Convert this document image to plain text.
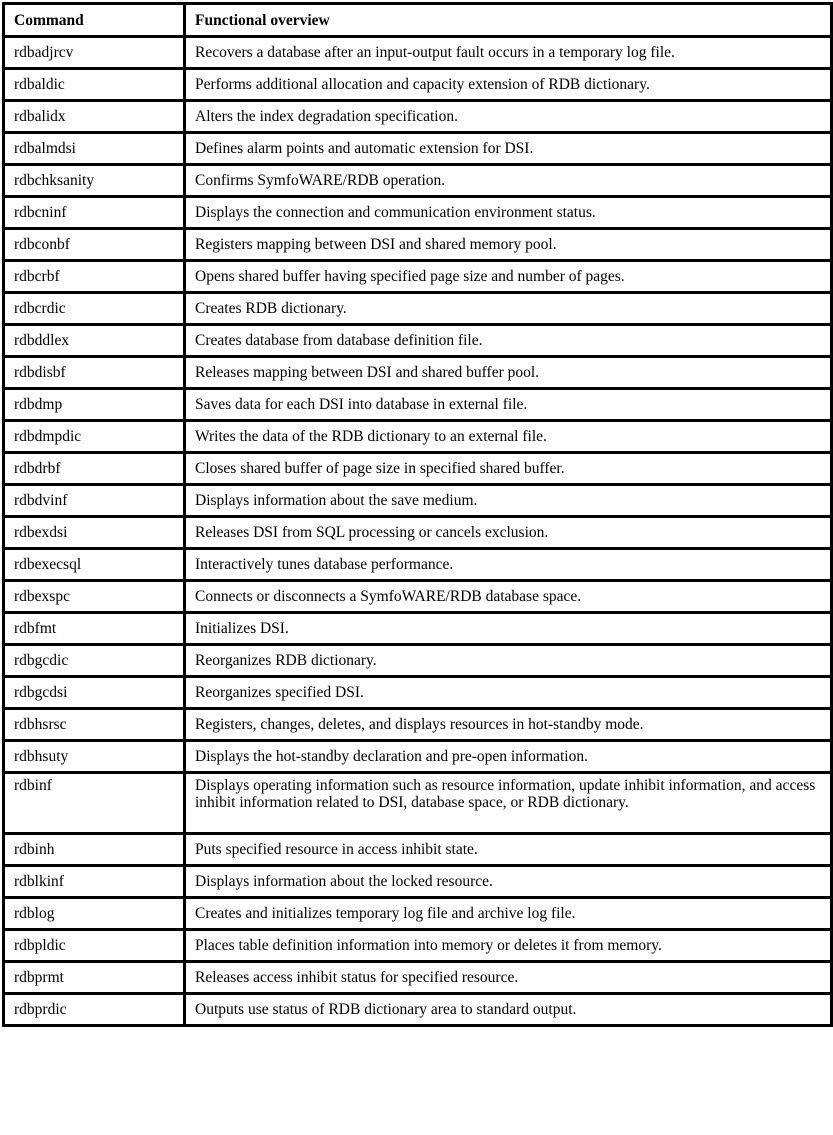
Command	Functional overview
rdbadjrcv	Recovers a database after an input-output fault occurs in a temporary log file.
rdbaldic	Performs additional allocation and capacity extension of RDB dictionary.
rdbalidx	Alters the index degradation specification.
rdbalmdsi	Defines alarm points and automatic extension for DSI.
rdbchksanity	Confirms SymfoWARE/RDB operation.
rdbcninf	Displays the connection and communication environment status.
rdbconbf	Registers mapping between DSI and shared memory pool.
rdbcrbf	Opens shared buffer having specified page size and number of pages.
rdbcrdic	Creates RDB dictionary.
rdbddlex	Creates database from database definition file.
rdbdisbf	Releases mapping between DSI and shared buffer pool.
rdbdmp	Saves data for each DSI into database in external file.
rdbdmpdic	Writes the data of the RDB dictionary to an external file.
rdbdrbf	Closes shared buffer of page size in specified shared buffer.
rdbdvinf	Displays information about the save medium.
rdbexdsi	Releases DSI from SQL processing or cancels exclusion.
rdbexecsql	Interactively tunes database performance.
rdbexspc	Connects or disconnects a SymfoWARE/RDB database space.
rdbfmt	Initializes DSI.
rdbgcdic	Reorganizes RDB dictionary.
rdbgcdsi	Reorganizes specified DSI.
rdbhsrsc	Registers, changes, deletes, and displays resources in hot-standby mode.
rdbhsuty	Displays the hot-standby declaration and pre-open information.
rdbinf	Displays operating information such as resource information, update inhibit information, and access inhibit information related to DSI, database space, or RDB dictionary.
rdbinh	Puts specified resource in access inhibit state.
rdblkinf	Displays information about the locked resource.
rdblog	Creates and initializes temporary log file and archive log file.
rdbpldic	Places table definition information into memory or deletes it from memory.
rdbprmt	Releases access inhibit status for specified resource.
rdbprdic	Outputs use status of RDB dictionary area to standard output.
